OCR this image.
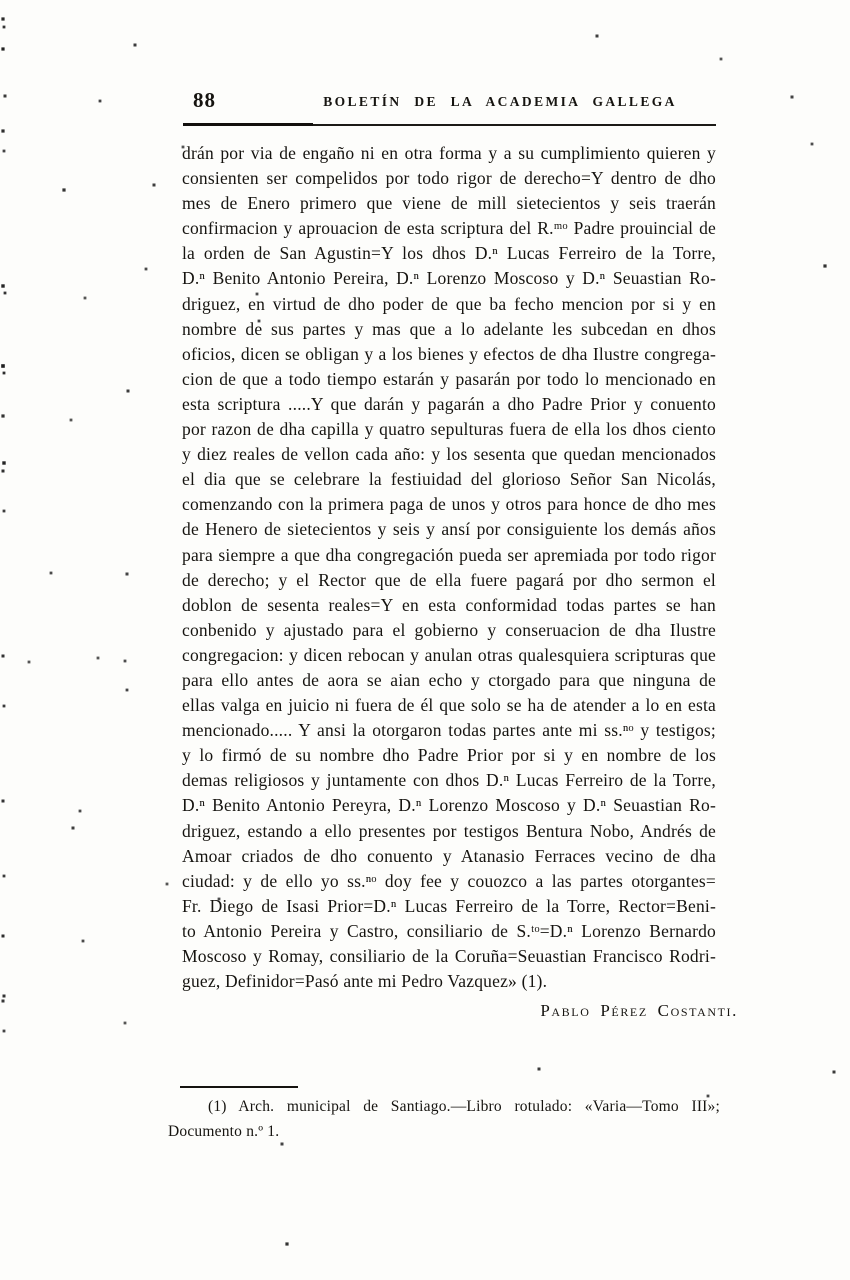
88	BOLETÍN DE LA ACADEMIA GALLEGA
drán por via de engaño ni en otra forma y a su cumplimiento quieren y
consienten ser compelidos por todo rigor de derecho=Y dentro de dho
mes de Enero primero que viene de mill sietecientos y seis traerán
confirmacion y aprouacion de esta scriptura del R.ᵐᵒ Padre prouincial de
la orden de San Agustin=Y los dhos D.ⁿ Lucas Ferreiro de la Torre,
D.ⁿ Benito Antonio Pereira, D.ⁿ Lorenzo Moscoso y D.ⁿ Seuastian Ro-
driguez, en virtud de dho poder de que ba fecho mencion por si y en
nombre de sus partes y mas que a lo adelante les subcedan en dhos
oficios, dicen se obligan y a los bienes y efectos de dha Ilustre congrega-
cion de que a todo tiempo estarán y pasarán por todo lo mencionado en
esta scriptura .....Y que darán y pagarán a dho Padre Prior y conuento
por razon de dha capilla y quatro sepulturas fuera de ella los dhos ciento
y diez reales de vellon cada año: y los sesenta que quedan mencionados
el dia que se celebrare la festiuidad del glorioso Señor San Nicolás,
comenzando con la primera paga de unos y otros para honce de dho mes
de Henero de sietecientos y seis y ansí por consiguiente los demás años
para siempre a que dha congregación pueda ser apremiada por todo rigor
de derecho; y el Rector que de ella fuere pagará por dho sermon el
doblon de sesenta reales=Y en esta conformidad todas partes se han
conbenido y ajustado para el gobierno y conseruacion de dha Ilustre
congregacion: y dicen rebocan y anulan otras qualesquiera scripturas que
para ello antes de aora se aian echo y ctorgado para que ninguna de
ellas valga en juicio ni fuera de él que solo se ha de atender a lo en esta
mencionado..... Y ansi la otorgaron todas partes ante mi ss.ⁿᵒ y testigos;
y lo firmó de su nombre dho Padre Prior por si y en nombre de los
demas religiosos y juntamente con dhos D.ⁿ Lucas Ferreiro de la Torre,
D.ⁿ Benito Antonio Pereyra, D.ⁿ Lorenzo Moscoso y D.ⁿ Seuastian Ro-
driguez, estando a ello presentes por testigos Bentura Nobo, Andrés de
Amoar criados de dho conuento y Atanasio Ferraces vecino de dha
ciudad: y de ello yo ss.ⁿᵒ doy fee y couozco a las partes otorgantes=
Fr. Diego de Isasi Prior=D.ⁿ Lucas Ferreiro de la Torre, Rector=Beni-
to Antonio Pereira y Castro, consiliario de S.ᵗᵒ=D.ⁿ Lorenzo Bernardo
Moscoso y Romay, consiliario de la Coruña=Seuastian Francisco Rodri-
guez, Definidor=Pasó ante mi Pedro Vazquez» (1).
Pablo Pérez Costanti.
(1) Arch. municipal de Santiago.—Libro rotulado: «Varia—Tomo III»;
Documento n.º 1.
